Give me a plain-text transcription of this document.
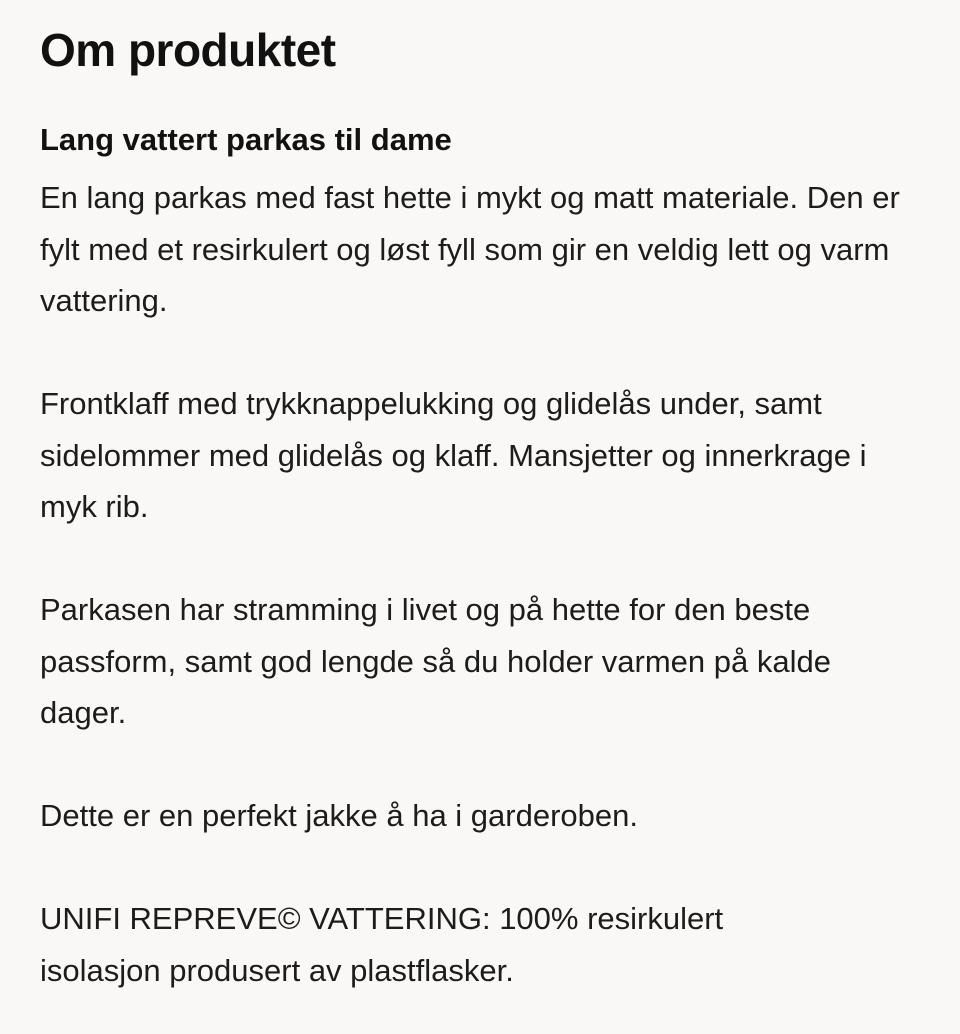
Om produktet
Lang vattert parkas til dame

En lang parkas med fast hette i mykt og matt materiale. Den er fylt med et resirkulert og løst fyll som gir en veldig lett og varm vattering.

Frontklaff med trykknappelukking og glidelås under, samt sidelommer med glidelås og klaff. Mansjetter og innerkrage i myk rib.

Parkasen har stramming i livet og på hette for den beste passform, samt god lengde så du holder varmen på kalde dager.

Dette er en perfekt jakke å ha i garderoben.

UNIFI REPREVE© VATTERING: 100% resirkulert isolasjon produsert av plastflasker.
